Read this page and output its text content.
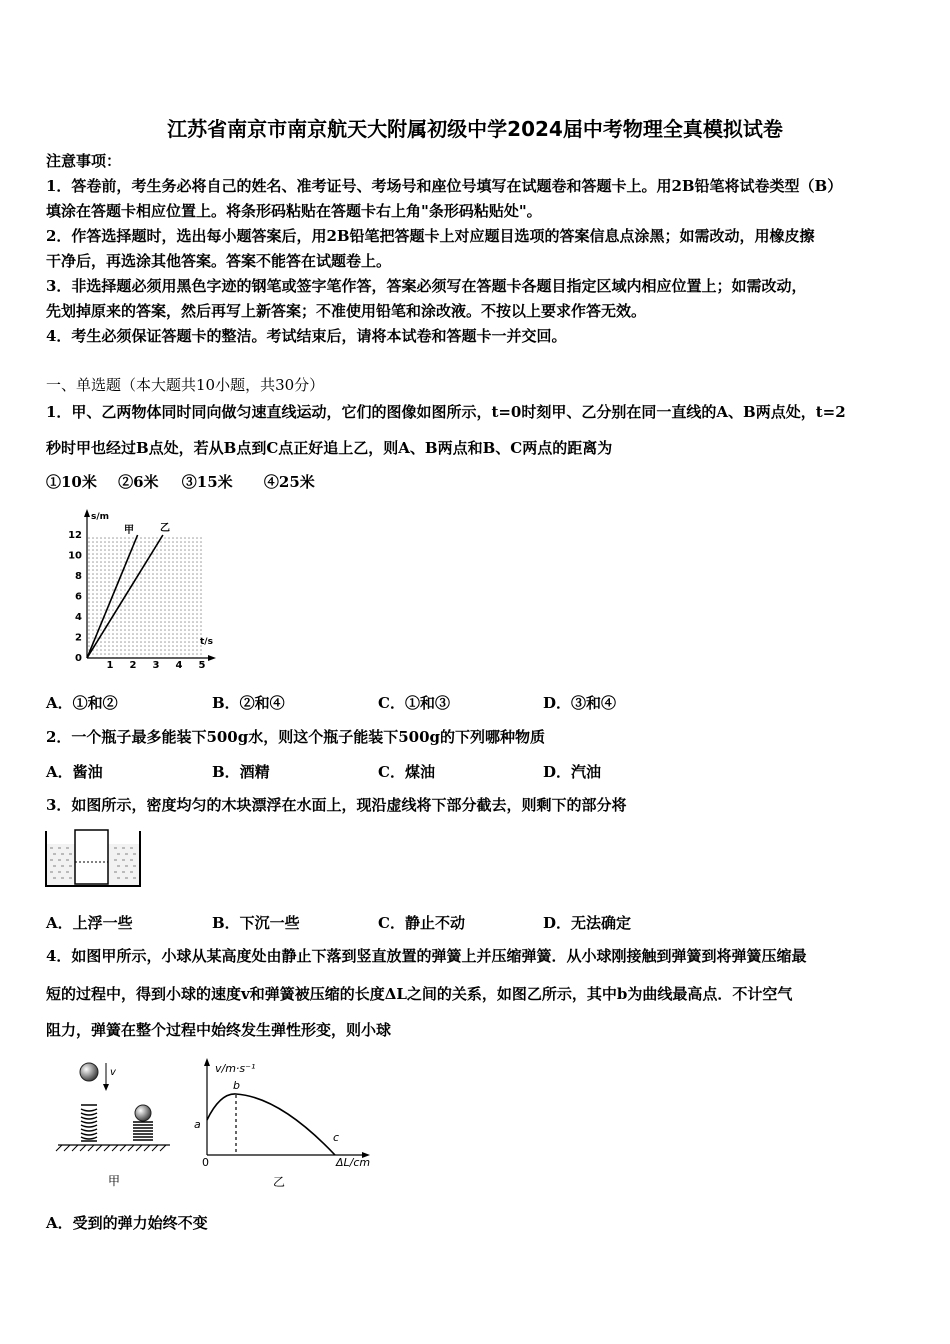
江苏省南京市南京航天大附属初级中学2024届中考物理全真模拟试卷
注意事项：
1．答卷前，考生务必将自己的姓名、准考证号、考场号和座位号填写在试题卷和答题卡上。用2B铅笔将试卷类型（B）
填涂在答题卡相应位置上。将条形码粘贴在答题卡右上角"条形码粘贴处"。
2．作答选择题时，选出每小题答案后，用2B铅笔把答题卡上对应题目选项的答案信息点涂黑；如需改动，用橡皮擦
干净后，再选涂其他答案。答案不能答在试题卷上。
3．非选择题必须用黑色字迹的钢笔或签字笔作答，答案必须写在答题卡各题目指定区域内相应位置上；如需改动，
先划掉原来的答案，然后再写上新答案；不准使用铅笔和涂改液。不按以上要求作答无效。
4．考生必须保证答题卡的整洁。考试结束后，请将本试卷和答题卡一并交回。
一、单选题（本大题共10小题，共30分）
1．甲、乙两物体同时同向做匀速直线运动，它们的图像如图所示，t=0时刻甲、乙分别在同一直线的A、B两点处，t=2
秒时甲也经过B点处，若从B点到C点正好追上乙，则A、B两点和B、C两点的距离为
①10米 ②6米 ③15米 ④25米
s/m
t/s
12
10
8
6
4
2
0
1 2 3 4 5
甲	乙
A．①和②	B．②和④	C．①和③	D．③和④
2．一个瓶子最多能装下500g水，则这个瓶子能装下500g的下列哪种物质
A．酱油	B．酒精	C．煤油	D．汽油
3．如图所示，密度均匀的木块漂浮在水面上，现沿虚线将下部分截去，则剩下的部分将
A．上浮一些	B．下沉一些	C．静止不动	D．无法确定
4．如图甲所示，小球从某高度处由静止下落到竖直放置的弹簧上并压缩弹簧．从小球刚接触到弹簧到将弹簧压缩最
短的过程中，得到小球的速度v和弹簧被压缩的长度ΔL之间的关系，如图乙所示，其中b为曲线最高点．不计空气
阻力，弹簧在整个过程中始终发生弹性形变，则小球
v
甲
v/m·s⁻¹
ΔL/cm
a
b
c
0
乙
A．受到的弹力始终不变
